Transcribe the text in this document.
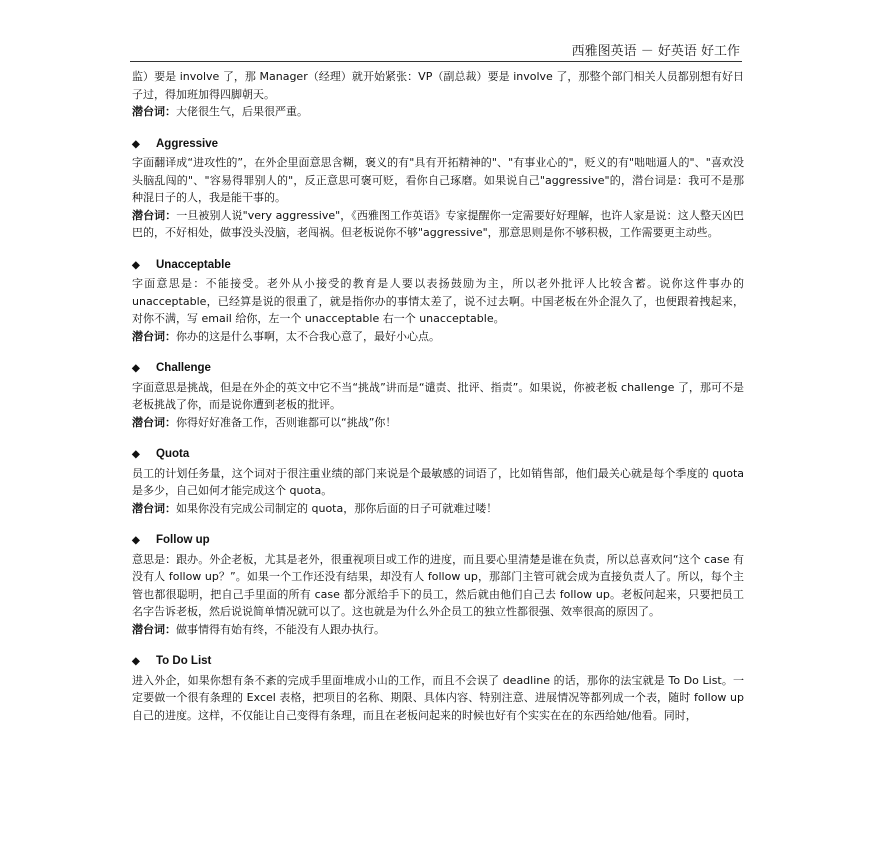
西雅图英语 － 好英语 好工作

监）要是 involve 了，那 Manager（经理）就开始紧张：VP（副总裁）要是 involve 了，那整个部门相关人员都别想有好日子过，得加班加得四脚朝天。

潜台词：大佬很生气，后果很严重。

◆ Aggressive

字面翻译成“进攻性的”，在外企里面意思含糊，褒义的有"具有开拓精神的"、"有事业心的"，贬义的有"咄咄逼人的"、"喜欢没头脑乱闯的"、"容易得罪别人的"，反正意思可褒可贬，看你自己琢磨。如果说自己"aggressive"的，潜台词是：我可不是那种混日子的人，我是能干事的。

潜台词：一旦被别人说"very aggressive"，《西雅图工作英语》专家提醒你一定需要好好理解，也许人家是说：这人整天凶巴巴的，不好相处，做事没头没脑，老闯祸。但老板说你不够"aggressive"，那意思则是你不够积极，工作需要更主动些。

◆ Unacceptable

字面意思是：不能接受。老外从小接受的教育是人要以表扬鼓励为主，所以老外批评人比较含蓄。说你这件事办的 unacceptable，已经算是说的很重了，就是指你办的事情太差了，说不过去啊。中国老板在外企混久了，也便跟着拽起来，对你不满，写 email 给你，左一个 unacceptable 右一个 unacceptable。

潜台词：你办的这是什么事啊，太不合我心意了，最好小心点。

◆ Challenge

字面意思是挑战，但是在外企的英文中它不当“挑战”讲而是“谴责、批评、指责”。如果说，你被老板 challenge 了，那可不是老板挑战了你，而是说你遭到老板的批评。

潜台词：你得好好准备工作，否则谁都可以“挑战”你！

◆ Quota

员工的计划任务量，这个词对于很注重业绩的部门来说是个最敏感的词语了，比如销售部，他们最关心就是每个季度的 quota 是多少，自己如何才能完成这个 quota。

潜台词：如果你没有完成公司制定的 quota，那你后面的日子可就难过喽！

◆ Follow up

意思是：跟办。外企老板，尤其是老外，很重视项目或工作的进度，而且要心里清楚是谁在负责，所以总喜欢问“这个 case 有没有人 follow up？”。如果一个工作还没有结果，却没有人 follow up，那部门主管可就会成为直接负责人了。所以，每个主管也都很聪明，把自己手里面的所有 case 都分派给手下的员工，然后就由他们自己去 follow up。老板问起来，只要把员工名字告诉老板，然后说说简单情况就可以了。这也就是为什么外企员工的独立性都很强、效率很高的原因了。

潜台词：做事情得有始有终，不能没有人跟办执行。

◆ To Do List

进入外企，如果你想有条不紊的完成手里面堆成小山的工作，而且不会误了 deadline 的话，那你的法宝就是 To Do List。一定要做一个很有条理的 Excel 表格，把项目的名称、期限、具体内容、特别注意、进展情况等都列成一个表，随时 follow up 自己的进度。这样，不仅能让自己变得有条理，而且在老板问起来的时候也好有个实实在在的东西给她/他看。同时，
